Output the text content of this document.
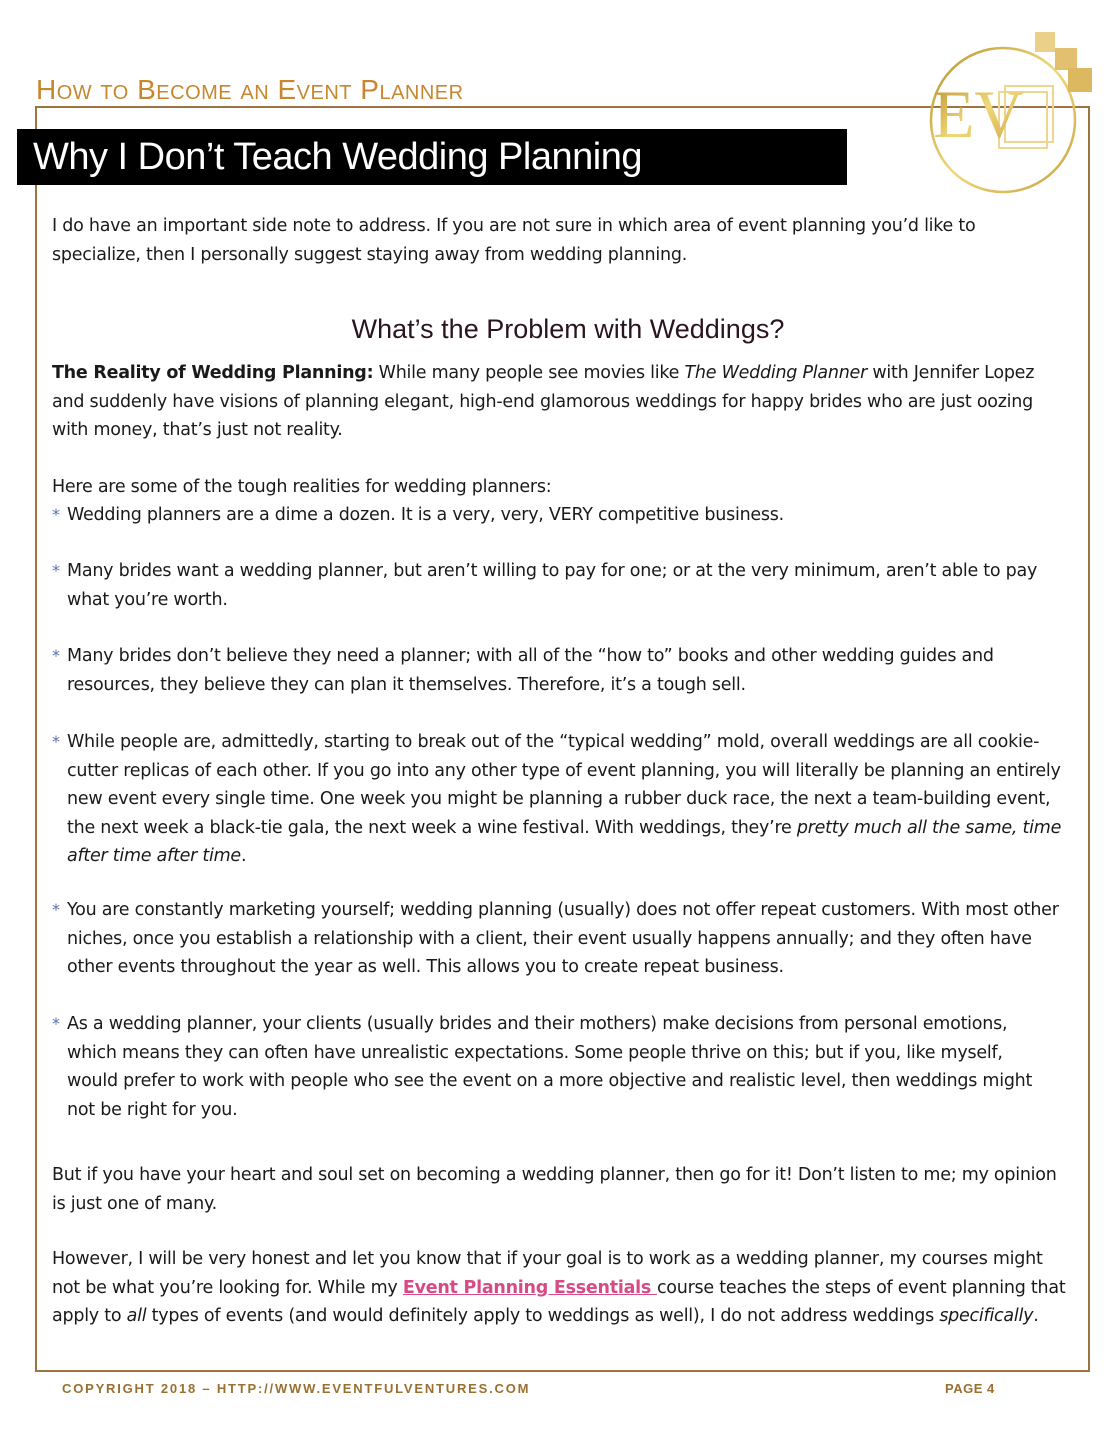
How to Become an Event Planner
Why I Don’t Teach Wedding Planning
EV

I do have an important side note to address. If you are not sure in which area of event planning you’d like to

specialize, then I personally suggest staying away from wedding planning.

What’s the Problem with Weddings?
The Reality of Wedding Planning: While many people see movies like The Wedding Planner with Jennifer Lopez and suddenly have visions of planning elegant, high-end glamorous weddings for happy brides who are just oozing with money, that’s just not reality.
Here are some of the tough realities for wedding planners:
* Wedding planners are a dime a dozen. It is a very, very, VERY competitive business.
* Many brides want a wedding planner, but aren’t willing to pay for one; or at the very minimum, aren’t able to pay what you’re worth.
* Many brides don’t believe they need a planner; with all of the “how to” books and other wedding guides and resources, they believe they can plan it themselves. Therefore, it’s a tough sell.
* While people are, admittedly, starting to break out of the “typical wedding” mold, overall weddings are all cookie-cutter replicas of each other. If you go into any other type of event planning, you will literally be planning an entirely new event every single time. One week you might be planning a rubber duck race, the next a team-building event, the next week a black-tie gala, the next week a wine festival. With weddings, they’re pretty much all the same, time after time after time.
* You are constantly marketing yourself; wedding planning (usually) does not offer repeat customers. With most other niches, once you establish a relationship with a client, their event usually happens annually; and they often have other events throughout the year as well. This allows you to create repeat business.
* As a wedding planner, your clients (usually brides and their mothers) make decisions from personal emotions, which means they can often have unrealistic expectations. Some people thrive on this; but if you, like myself, would prefer to work with people who see the event on a more objective and realistic level, then weddings might not be right for you.
But if you have your heart and soul set on becoming a wedding planner, then go for it! Don’t listen to me; my opinion is just one of many.
However, I will be very honest and let you know that if your goal is to work as a wedding planner, my courses might not be what you’re looking for. While my Event Planning Essentials course teaches the steps of event planning that apply to all types of events (and would definitely apply to weddings as well), I do not address weddings specifically.
COPYRIGHT 2018 – HTTP://WWW.EVENTFULVENTURES.COM	PAGE 4
